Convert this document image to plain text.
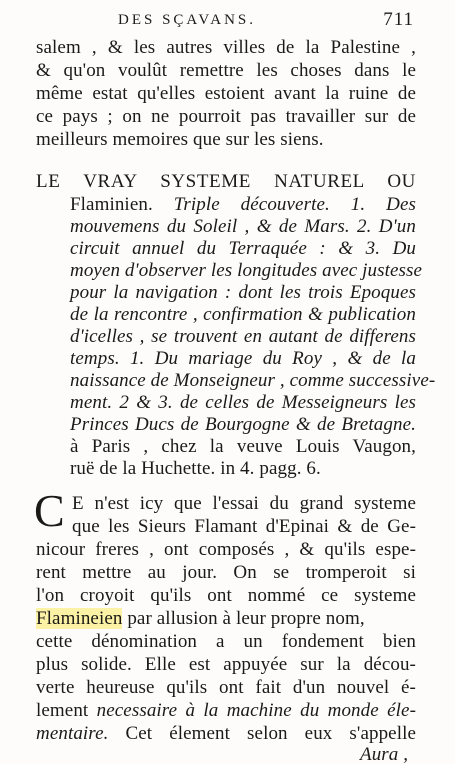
DES SÇAVANS.	711
salem , & les autres villes de la Palestine ,
& qu'on voulût remettre les choses dans le
même estat qu'elles estoient avant la ruine de
ce pays ; on ne pourroit pas travailler sur de
meilleurs memoires que sur les siens.
LE VRAY SYSTEME NATUREL OU
Flaminien. Triple découverte. 1. Des
mouvemens du Soleil , & de Mars. 2. D'un
circuit annuel du Terraquée : & 3. Du
moyen d'observer les longitudes avec justesse
pour la navigation : dont les trois Epoques
de la rencontre , confirmation & publication
d'icelles , se trouvent en autant de differens
temps. 1. Du mariage du Roy , & de la
naissance de Monseigneur , comme successive-
ment. 2 & 3. de celles de Messeigneurs les
Princes Ducs de Bourgogne & de Bretagne.
à Paris , chez la veuve Louis Vaugon,
ruë de la Huchette. in 4. pagg. 6.
C E n'est icy que l'essai du grand systeme
que les Sieurs Flamant d'Epinai & de Ge-
nicour freres , ont composés , & qu'ils espe-
rent mettre au jour. On se tromperoit si
l'on croyoit qu'ils ont nommé ce systeme
Flamineien par allusion à leur propre nom,
cette dénomination a un fondement bien
plus solide. Elle est appuyée sur la décou-
verte heureuse qu'ils ont fait d'un nouvel é-
lement necessaire à la machine du monde éle-
mentaire. Cet élement selon eux s'appelle
Aura ,
